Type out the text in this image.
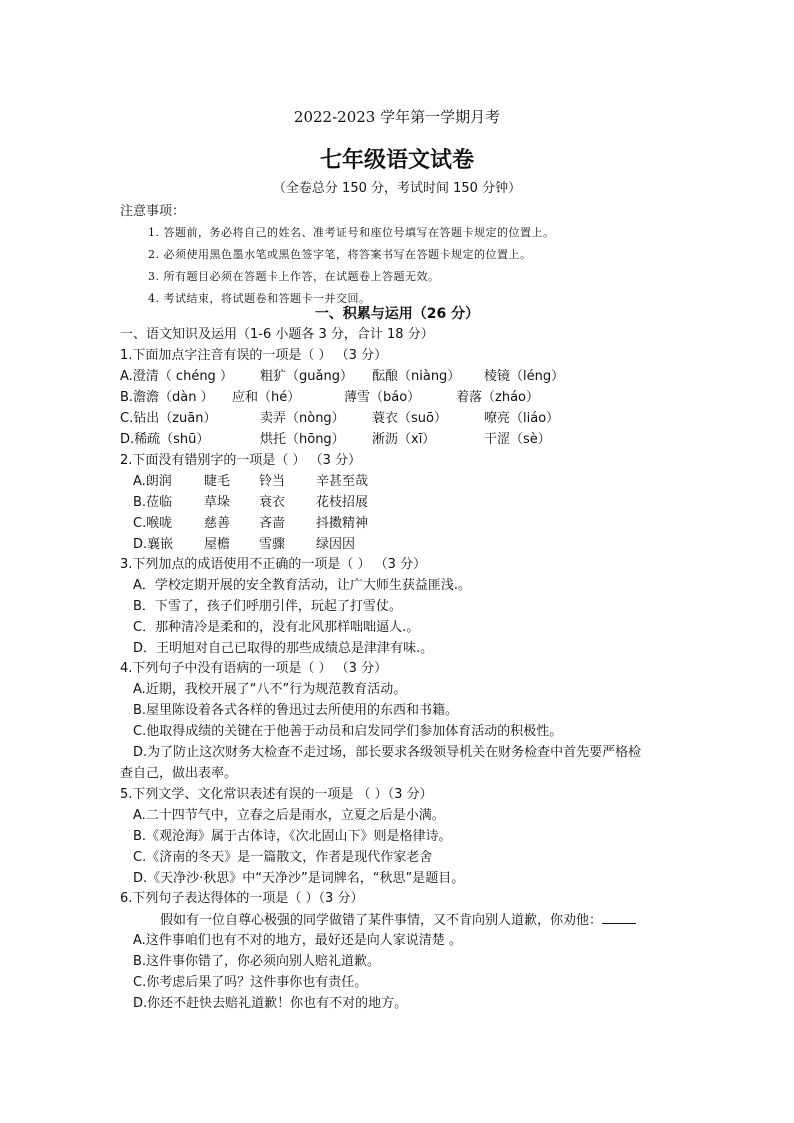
2022-2023 学年第一学期月考
七年级语文试卷
（全卷总分 150 分，考试时间 150 分钟）
注意事项：
1. 答题前，务必将自己的姓名、准考证号和座位号填写在答题卡规定的位置上。
2. 必须使用黑色墨水笔或黑色签字笔，将答案书写在答题卡规定的位置上。
3. 所有题目必须在答题卡上作答，在试题卷上答题无效。
4. 考试结束，将试题卷和答题卡一并交回。
一、积累与运用（26 分）
一、语文知识及运用（1-6 小题各 3 分，合计 18 分）
1.下面加点字注音有误的一项是（ ） （3 分）
A.澄清（ chéng ） 粗犷（guǎng） 酝酿（niàng） 棱镜（léng）
B.澹澹（dàn ） 应和（hé）	薄雪（báo）	着落（zháo）
C.钻出（zuān）	卖弄（nòng） 蓑衣（suō）	嘹亮（liáo）
D.稀疏（shū）	烘托（hōng） 淅沥（xī）	干涩（sè）
2.下面没有错别字的一项是（ ） （3 分）
A.朗润 睫毛 铃当 辛甚至哉
B.莅临 草垛 衰衣 花枝招展
C.喉咙 慈善 吝啬 抖擞精神
D.襄嵌 屋檐 雪骤 绿因因
3.下列加点的成语使用不正确的一项是（ ） （3 分）
A．学校定期开展的安全教育活动，让广大师生获益匪浅.。
B．下雪了，孩子们呼朋引伴，玩起了打雪仗。
C．那种清冷是柔和的，没有北风那样咄咄逼人.。
D．王明旭对自己已取得的那些成绩总是津津有味.。
4.下列句子中没有语病的一项是（ ） （3 分）
A.近期，我校开展了“八不”行为规范教育活动。
B.屋里陈设着各式各样的鲁迅过去所使用的东西和书籍。
C.他取得成绩的关键在于他善于动员和启发同学们参加体育活动的积极性。
D.为了防止这次财务大检查不走过场，部长要求各级领导机关在财务检查中首先要严格检
查自己，做出表率。
5.下列文学、文化常识表述有误的一项是 （ ）（3 分）
A.二十四节气中，立春之后是雨水，立夏之后是小满。
B.《观沧海》属于古体诗，《次北固山下》则是格律诗。
C.《济南的冬天》是一篇散文，作者是现代作家老舍
D.《天净沙·秋思》中“天净沙”是词牌名，“秋思”是题目。
6.下列句子表达得体的一项是（ ）（3 分）
假如有一位自尊心极强的同学做错了某件事情，又不肯向别人道歉，你劝他：
A.这件事咱们也有不对的地方，最好还是向人家说清楚 。
B.这件事你错了，你必须向别人赔礼道歉。
C.你考虑后果了吗？这件事你也有责任。
D.你还不赶快去赔礼道歉！你也有不对的地方。
